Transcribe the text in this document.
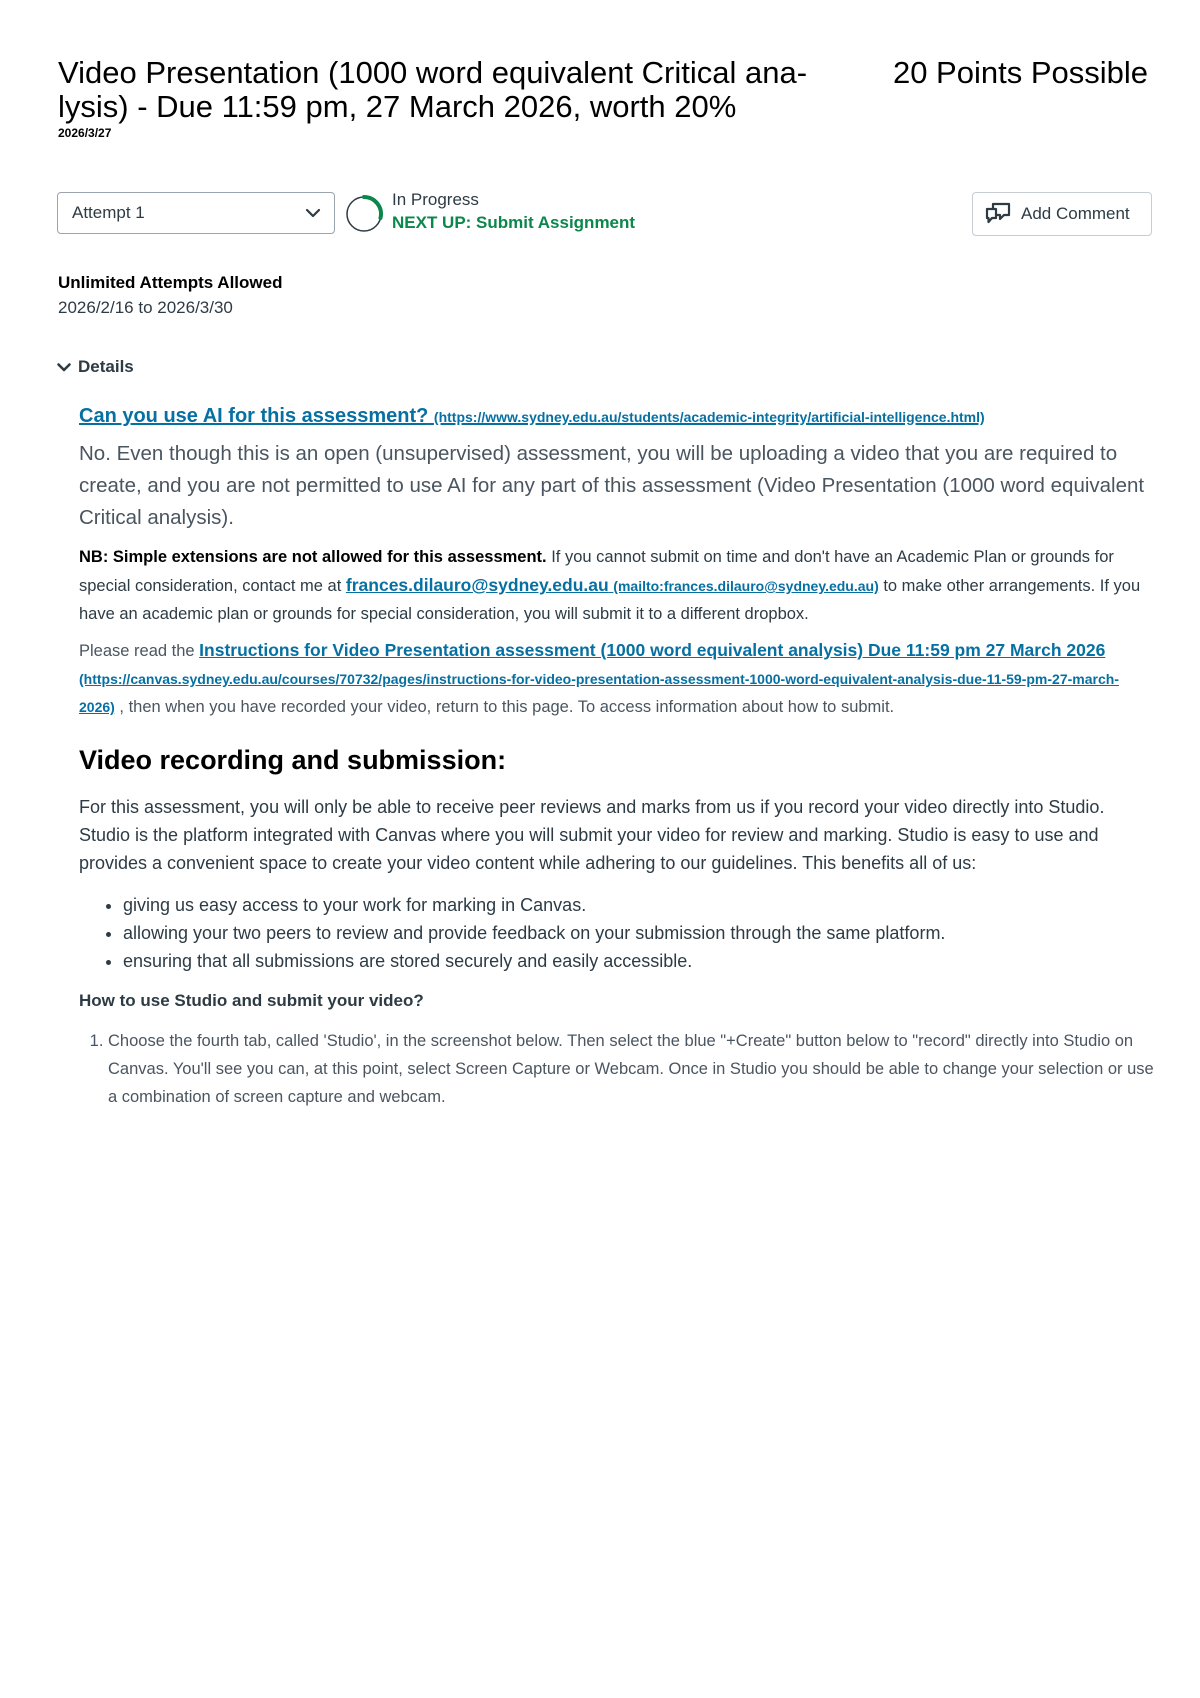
Video Presentation (1000 word equivalent Critical ana-lysis) - Due 11:59 pm, 27 March 2026, worth 20%
20 Points Possible
2026/3/27
Attempt 1
In Progress
NEXT UP: Submit Assignment	Add Comment
Unlimited Attempts Allowed
2026/2/16 to 2026/3/30
Details

Can you use AI for this assessment? (https://www.sydney.edu.au/students/academic-integrity/artificial-intelligence.html)

No. Even though this is an open (unsupervised) assessment, you will be uploading a video that you are required to create, and you are not permitted to use AI for any part of this assessment (Video Presentation (1000 word equivalent Critical analysis).

NB: Simple extensions are not allowed for this assessment. If you cannot submit on time and don't have an Academic Plan or grounds for special consideration, contact me at frances.dilauro@sydney.edu.au (mailto:frances.dilauro@sydney.edu.au) to make other arrangements. If you have an academic plan or grounds for special consideration, you will submit it to a different dropbox.

Please read the Instructions for Video Presentation assessment (1000 word equivalent analysis) Due 11:59 pm 27 March 2026 (https://canvas.sydney.edu.au/courses/70732/pages/instructions-for-video-presentation-assessment-1000-word-equivalent-analysis-due-11-59-pm-27-march-2026) , then when you have recorded your video, return to this page. To access information about how to submit.

Video recording and submission:

For this assessment, you will only be able to receive peer reviews and marks from us if you record your video directly into Studio. Studio is the platform integrated with Canvas where you will submit your video for review and marking. Studio is easy to use and provides a convenient space to create your video content while adhering to our guidelines. This benefits all of us:

• giving us easy access to your work for marking in Canvas.
• allowing your two peers to review and provide feedback on your submission through the same platform.
• ensuring that all submissions are stored securely and easily accessible.

How to use Studio and submit your video?

1. Choose the fourth tab, called 'Studio', in the screenshot below. Then select the blue "+Create" button below to "record" directly into Studio on Canvas. You'll see you can, at this point, select Screen Capture or Webcam. Once in Studio you should be able to change your selection or use a combination of screen capture and webcam.
